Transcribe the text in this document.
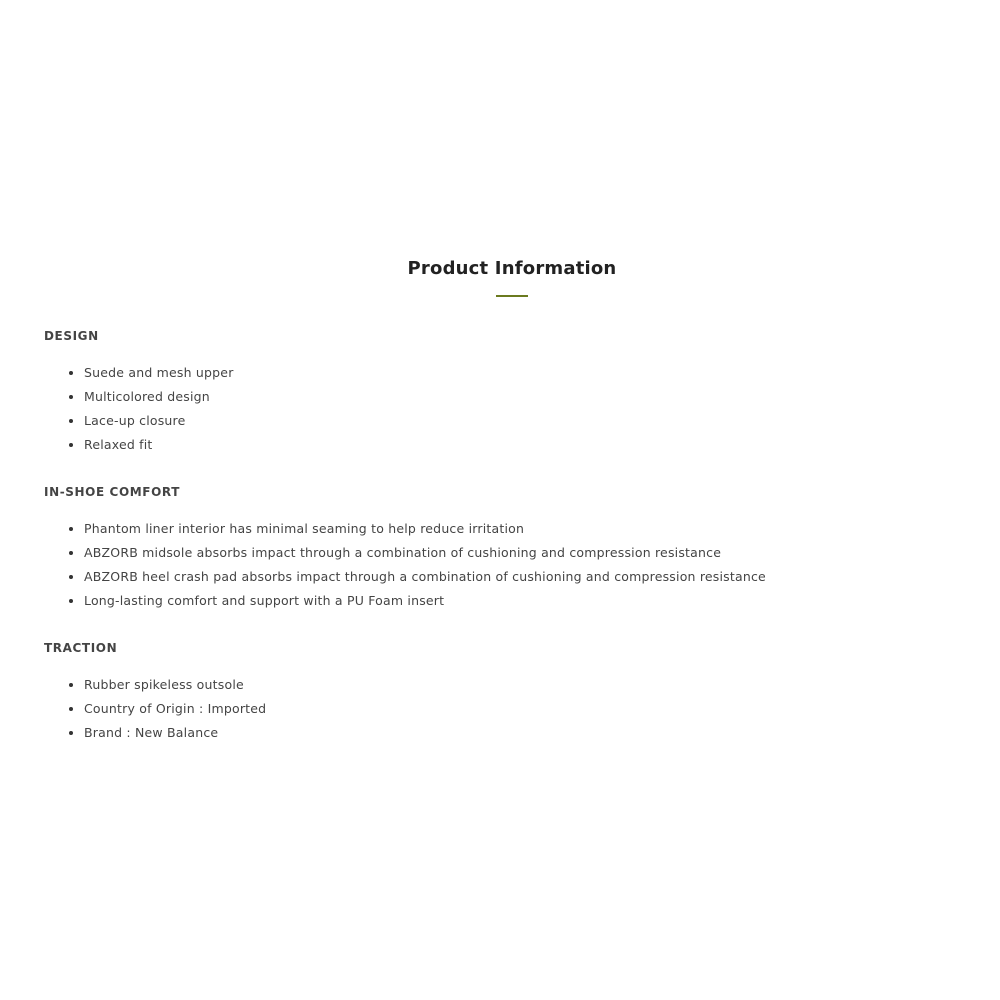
Product Information
DESIGN
• Suede and mesh upper
• Multicolored design
• Lace-up closure
• Relaxed fit
IN-SHOE COMFORT
• Phantom liner interior has minimal seaming to help reduce irritation
• ABZORB midsole absorbs impact through a combination of cushioning and compression resistance
• ABZORB heel crash pad absorbs impact through a combination of cushioning and compression resistance
• Long-lasting comfort and support with a PU Foam insert
TRACTION
• Rubber spikeless outsole
• Country of Origin : Imported
• Brand : New Balance
